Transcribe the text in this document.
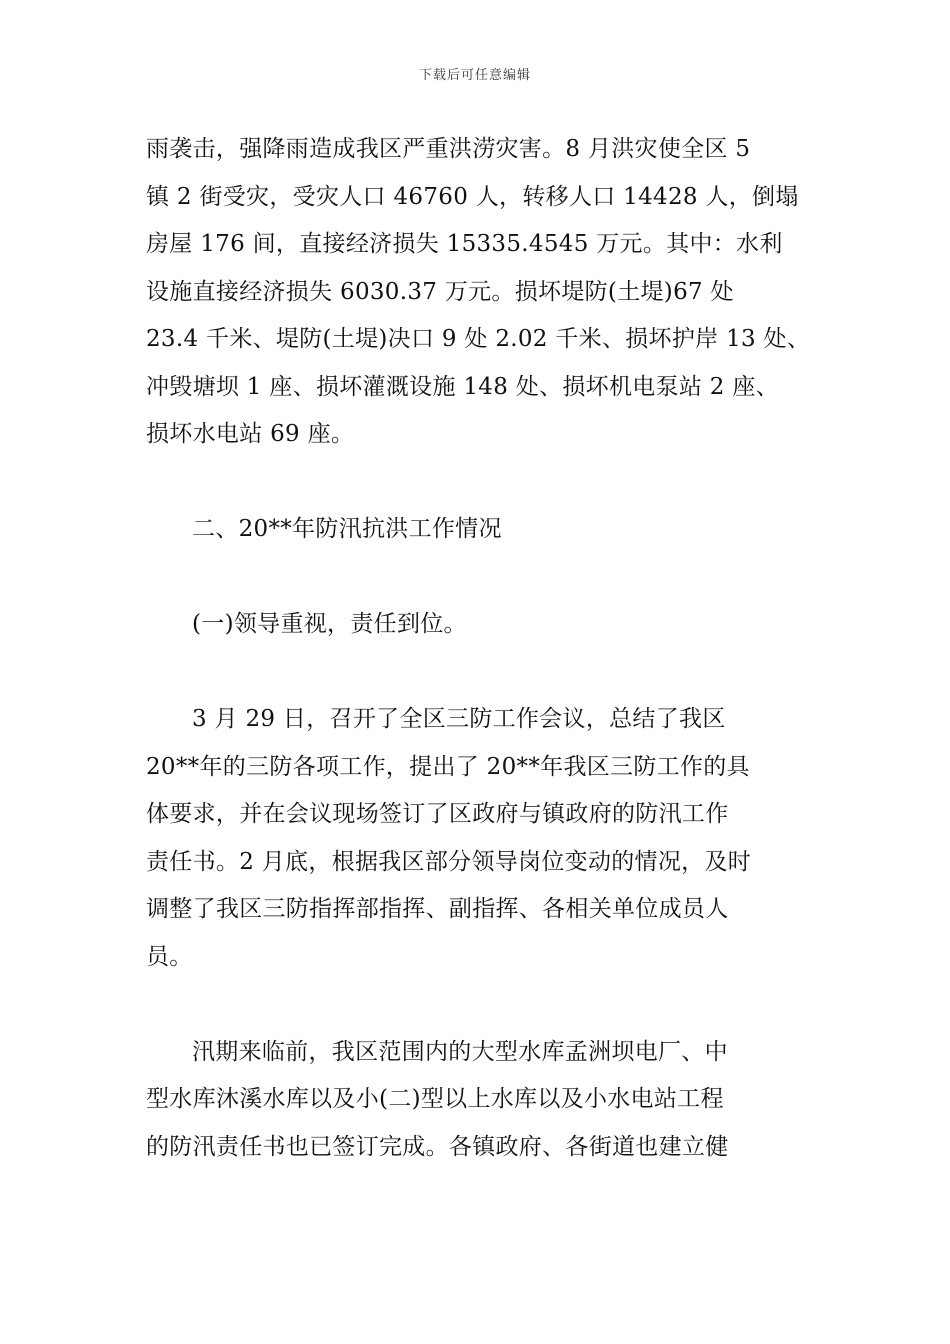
下载后可任意编辑

雨袭击，强降雨造成我区严重洪涝灾害。8 月洪灾使全区 5
镇 2 街受灾，受灾人口 46760 人，转移人口 14428 人，倒塌
房屋 176 间，直接经济损失 15335.4545 万元。其中：水利
设施直接经济损失 6030.37 万元。损坏堤防(土堤)67 处
23.4 千米、堤防(土堤)决口 9 处 2.02 千米、损坏护岸 13 处、
冲毁塘坝 1 座、损坏灌溉设施 148 处、损坏机电泵站 2 座、
损坏水电站 69 座。

二、20**年防汛抗洪工作情况

(一)领导重视，责任到位。

3 月 29 日，召开了全区三防工作会议，总结了我区
20**年的三防各项工作，提出了 20**年我区三防工作的具
体要求，并在会议现场签订了区政府与镇政府的防汛工作
责任书。2 月底，根据我区部分领导岗位变动的情况，及时
调整了我区三防指挥部指挥、副指挥、各相关单位成员人
员。

汛期来临前，我区范围内的大型水库孟洲坝电厂、中
型水库沐溪水库以及小(二)型以上水库以及小水电站工程
的防汛责任书也已签订完成。各镇政府、各街道也建立健
